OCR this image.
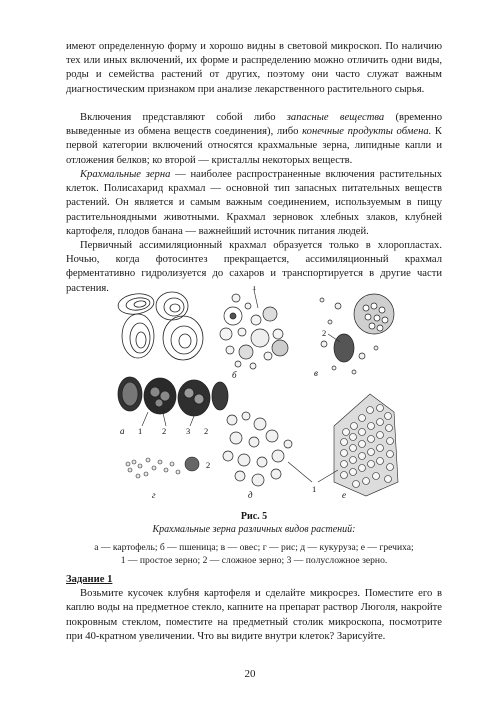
имеют определенную форму и хорошо видны в световой микроскоп. По наличию тех или иных включений, их форме и распределению можно отличить одни виды, роды и семейства растений от других, поэтому они часто служат важным диагностическим признаком при анализе лекарственного растительного сырья.

Включения представляют собой либо запасные вещества (временно выведенные из обмена веществ соединения), либо конечные продукты обмена. К первой категории включений относятся крахмальные зерна, липидные капли и отложения белков; ко второй — кристаллы некоторых веществ.

Крахмальные зерна — наиболее распространенные включения растительных клеток. Полисахарид крахмал — основной тип запасных питательных веществ растений. Он является и самым важным соединением, используемым в пищу растительноядными животными. Крахмал зерновок хлебных злаков, клубней картофеля, плодов банана — важнейший источник питания людей.

Первичный ассимиляционный крахмал образуется только в хлоропластах. Ночью, когда фотосинтез прекращается, ассимиляционный крахмал ферментативно гидролизуется до сахаров и транспортируется в другие части растения.

а 1 2 3 2
1
б
2
в
2
г	д
1
е
Рис. 5
Крахмальные зерна различных видов растений:
а — картофель; б — пшеница; в — овес; г — рис; д — кукуруза; е — гречиха;
1 — простое зерно; 2 — сложное зерно; 3 — полусложное зерно.

Задание 1

Возьмите кусочек клубня картофеля и сделайте микросрез. Поместите его в каплю воды на предметное стекло, капните на препарат раствор Люголя, накройте покровным стеклом, поместите на предметный столик микроскопа, посмотрите при 40-кратном увеличении. Что вы видите внутри клеток? Зарисуйте.

20
